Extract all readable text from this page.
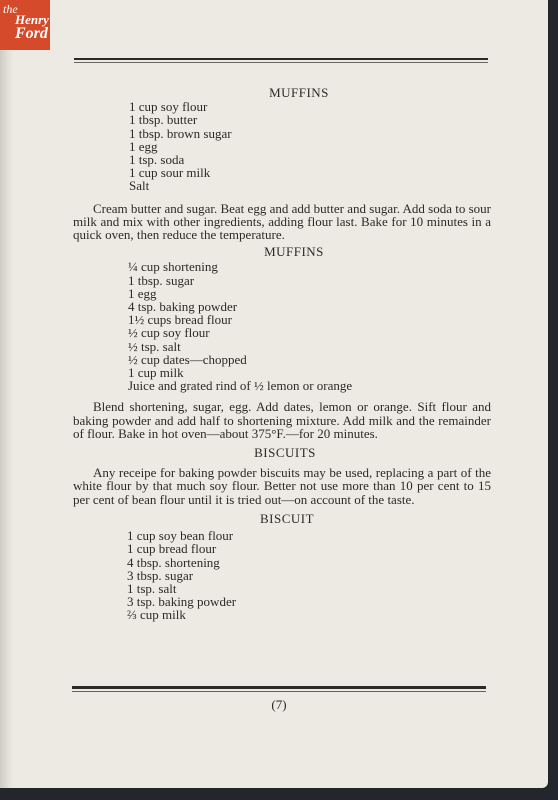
the
Henry
Ford
MUFFINS
1 cup soy flour
1 tbsp. butter
1 tbsp. brown sugar
1 egg
1 tsp. soda
1 cup sour milk
Salt

Cream butter and sugar. Beat egg and add butter and sugar. Add soda to sour milk and mix with other ingredients, adding flour last. Bake for 10 minutes in a quick oven, then reduce the temperature.

MUFFINS
¼ cup shortening
1 tbsp. sugar
1 egg
4 tsp. baking powder
1½ cups bread flour
½ cup soy flour
½ tsp. salt
½ cup dates—chopped
1 cup milk
Juice and grated rind of ½ lemon or orange

Blend shortening, sugar, egg. Add dates, lemon or orange. Sift flour and baking powder and add half to shortening mixture. Add milk and the remainder of flour. Bake in hot oven—about 375°F.—for 20 minutes.

BISCUITS

Any receipe for baking powder biscuits may be used, replacing a part of the white flour by that much soy flour. Better not use more than 10 per cent to 15 per cent of bean flour until it is tried out—on account of the taste.

BISCUIT
1 cup soy bean flour
1 cup bread flour
4 tbsp. shortening
3 tbsp. sugar
1 tsp. salt
3 tsp. baking powder
⅔ cup milk
(7)
